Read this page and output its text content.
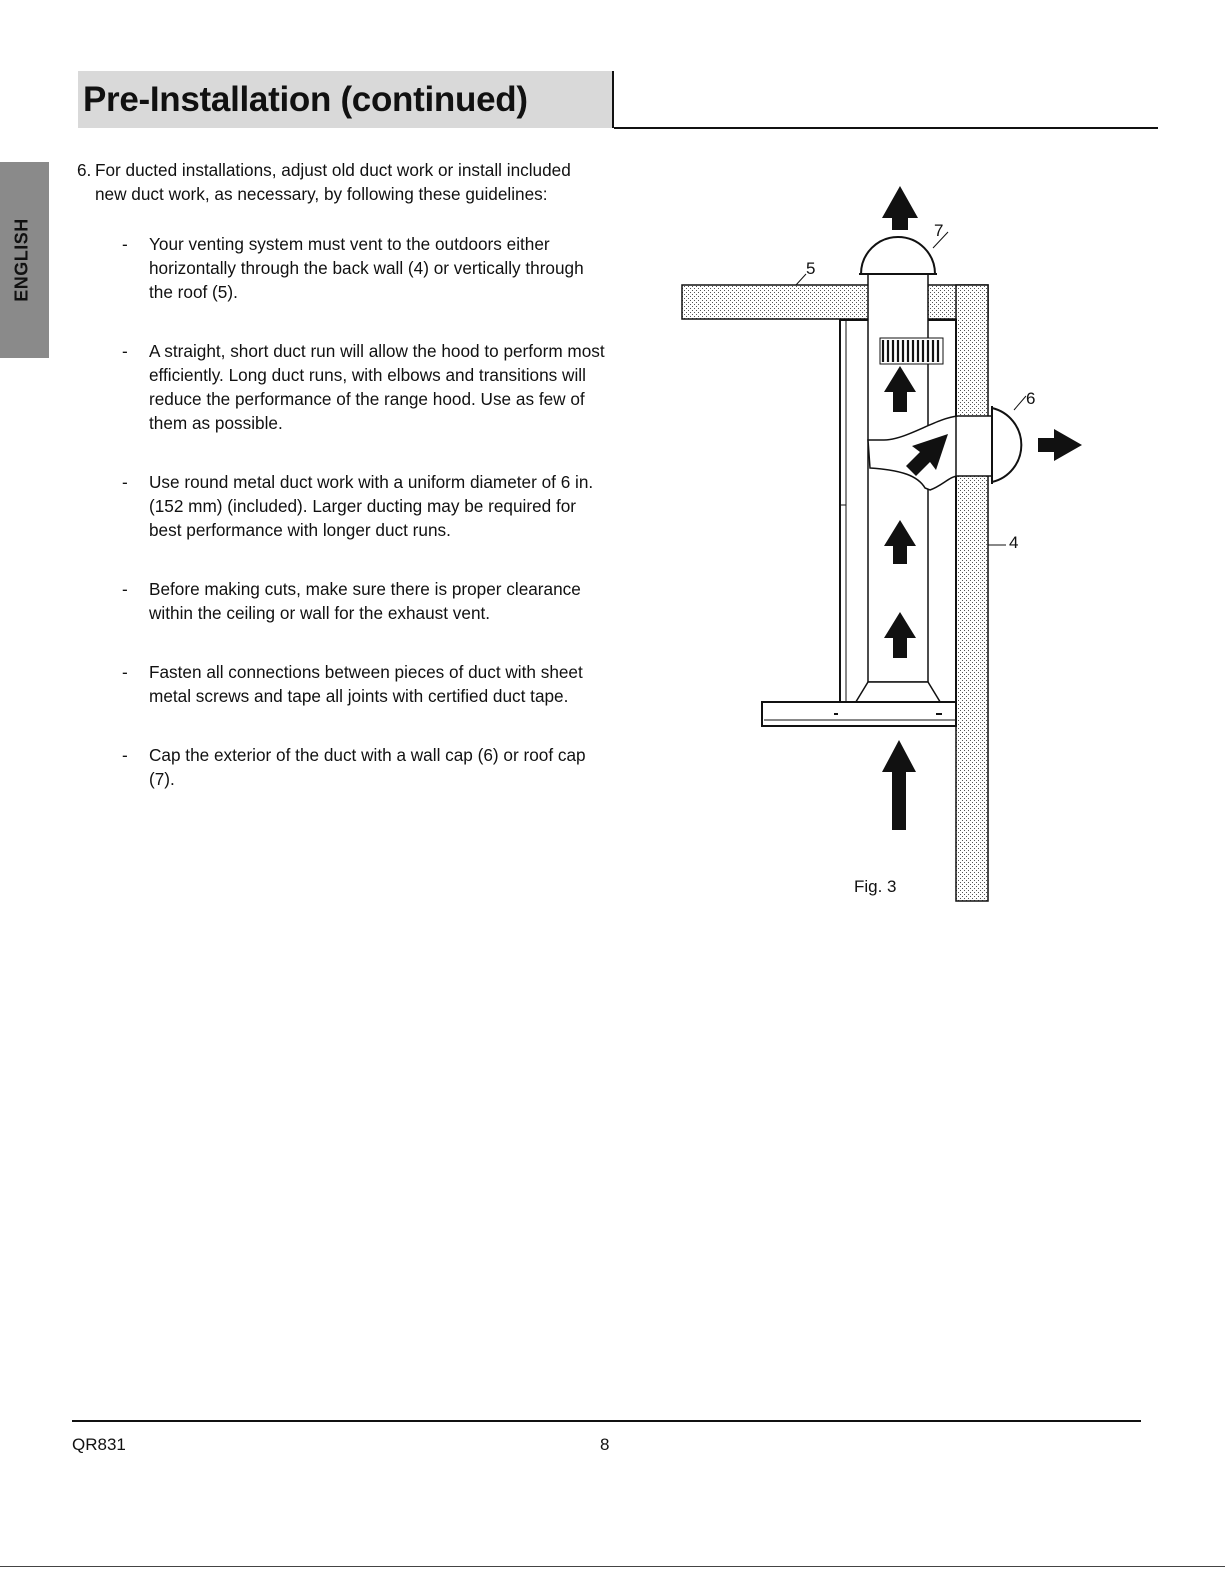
Pre-Installation (continued)
ENGLISH
6. For ducted installations, adjust old duct work or install included new duct work, as necessary, by following these guidelines:
- Your venting system must vent to the outdoors either horizontally through the back wall (4) or vertically through the roof (5).
- A straight, short duct run will allow the hood to perform most efficiently. Long duct runs, with elbows and transitions will reduce the performance of the range hood. Use as few of them as possible.
- Use round metal duct work with a uniform diameter of 6 in. (152 mm) (included). Larger ducting may be required for best performance with longer duct runs.
- Before making cuts, make sure there is proper clearance within the ceiling or wall for the exhaust vent.
- Fasten all connections between pieces of duct with sheet metal screws and tape all joints with certified duct tape.
- Cap the exterior of the duct with a wall cap (6) or roof cap (7).
7
5
6
4
Fig. 3
QR831	8
